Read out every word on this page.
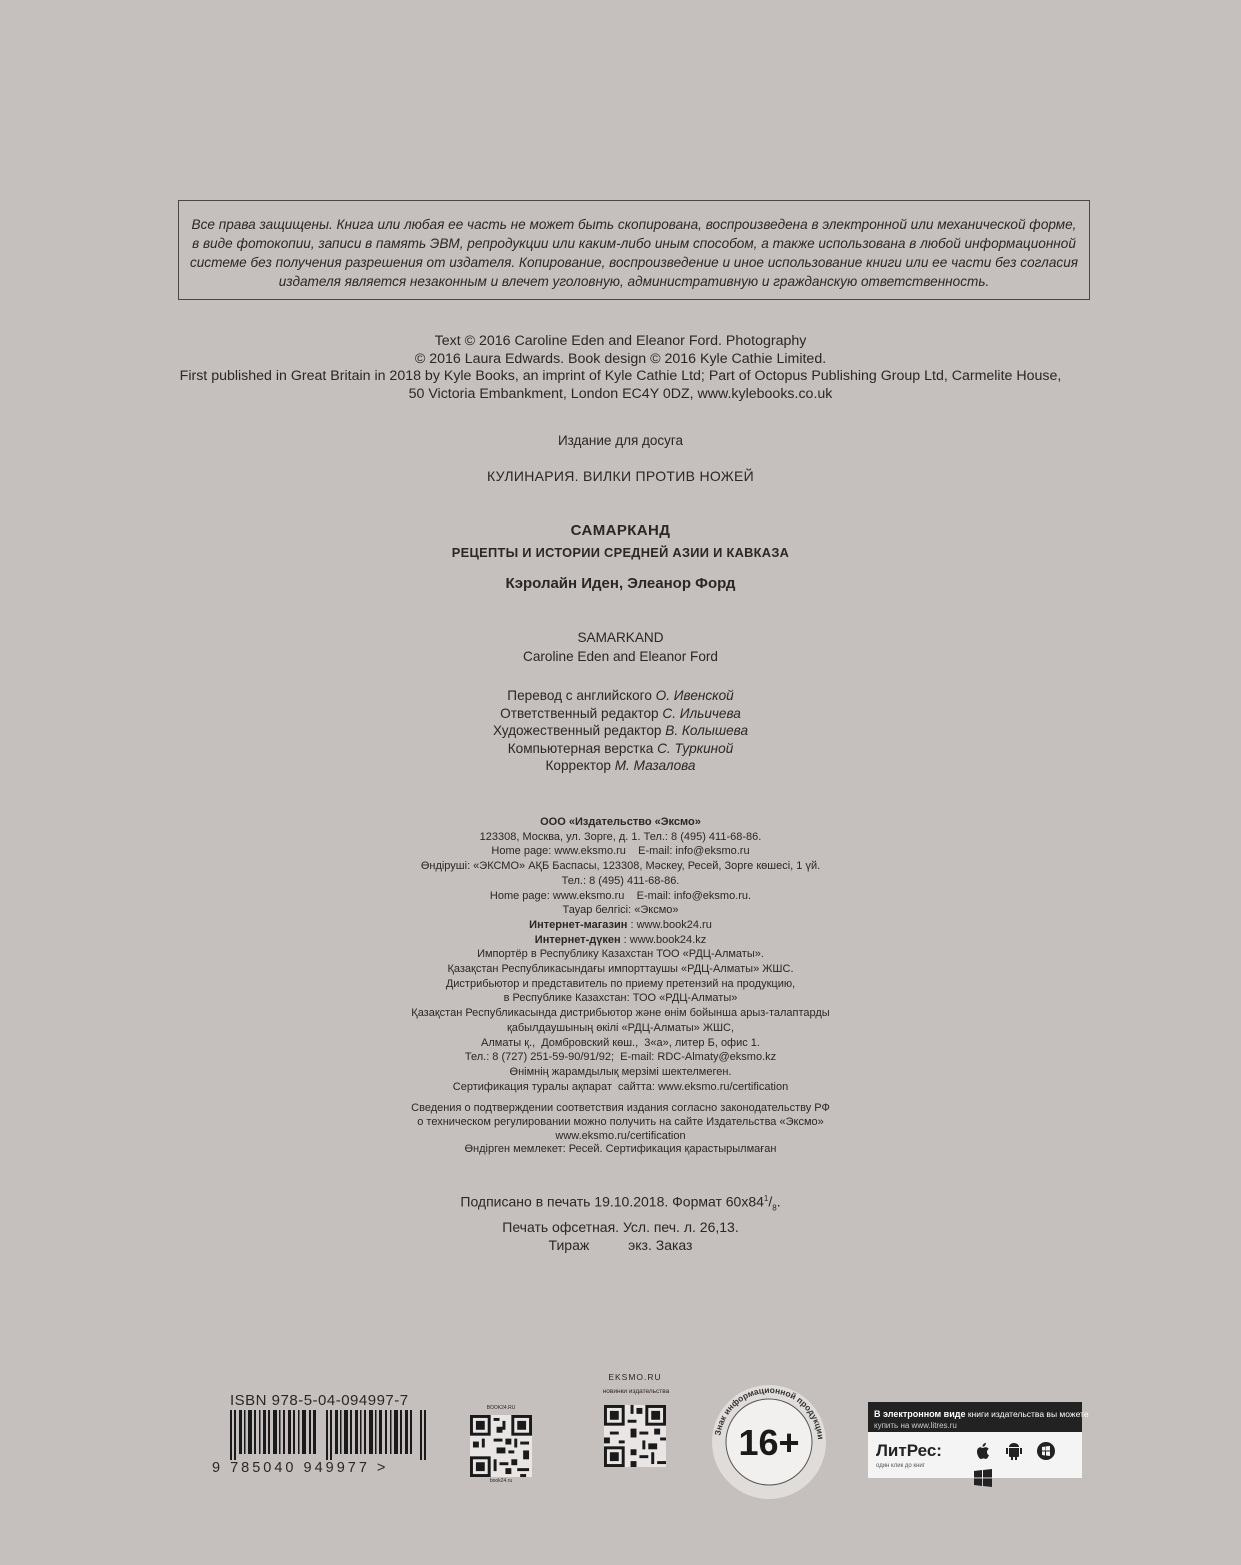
Все права защищены. Книга или любая ее часть не может быть скопирована, воспроизведена в электронной или механической форме,
в виде фотокопии, записи в память ЭВМ, репродукции или каким-либо иным способом, а также использована в любой информационной
системе без получения разрешения от издателя. Копирование, воспроизведение и иное использование книги или ее части без согласия
издателя является незаконным и влечет уголовную, административную и гражданскую ответственность.
Text © 2016 Caroline Eden and Eleanor Ford. Photography
© 2016 Laura Edwards. Book design © 2016 Kyle Cathie Limited.
First published in Great Britain in 2018 by Kyle Books, an imprint of Kyle Cathie Ltd; Part of Octopus Publishing Group Ltd, Carmelite House,
50 Victoria Embankment, London EC4Y 0DZ, www.kylebooks.co.uk
Издание для досуга
КУЛИНАРИЯ. ВИЛКИ ПРОТИВ НОЖЕЙ
САМАРКАНД
РЕЦЕПТЫ И ИСТОРИИ СРЕДНЕЙ АЗИИ И КАВКАЗА
Кэролайн Иден, Элеанор Форд
SAMARKAND
Caroline Eden and Eleanor Ford
Перевод с английского О. Ивенской
Ответственный редактор С. Ильичева
Художественный редактор В. Колышева
Компьютерная верстка С. Туркиной
Корректор М. Мазалова
ООО «Издательство «Эксмо»
123308, Москва, ул. Зорге, д. 1. Тел.: 8 (495) 411-68-86.
Home page: www.eksmo.ru    E-mail: info@eksmo.ru
Өндіруші: «ЭКСМО» АҚБ Баспасы, 123308, Мәскеу, Ресей, Зорге көшесі, 1 үй.
Тел.: 8 (495) 411-68-86.
Home page: www.eksmo.ru    E-mail: info@eksmo.ru.
Тауар белгісі: «Эксмо»
Интернет-магазин : www.book24.ru
Интернет-дүкен : www.book24.kz
Импортёр в Республику Казахстан ТОО «РДЦ-Алматы».
Қазақстан Республикасындағы импорттаушы «РДЦ-Алматы» ЖШС.
Дистрибьютор и представитель по приему претензий на продукцию,
в Республике Казахстан: ТОО «РДЦ-Алматы»
Қазақстан Республикасында дистрибьютор және өнім бойынша арыз-талаптарды
қабылдаушының өкілі «РДЦ-Алматы» ЖШС,
Алматы қ.,  Домбровский көш.,  3«а», литер Б, офис 1.
Тел.: 8 (727) 251-59-90/91/92;  E-mail: RDC-Almaty@eksmo.kz
Өнімнің жарамдылық мерзімі шектелмеген.
Сертификация туралы ақпарат  сайтта: www.eksmo.ru/certification
Сведения о подтверждении соответствия издания согласно законодательству РФ
о техническом регулировании можно получить на сайте Издательства «Эксмо»
www.eksmo.ru/certification
Өндірген мемлекет: Ресей. Сертификация қарастырылмаған
Подписано в печать 19.10.2018. Формат $60x84^1/_8$.
Печать офсетная. Усл. печ. л. 26,13.
Тираж          экз. Заказ
ISBN 978-5-04-094997-7
9 785040 949977 >
BOOK24.RU
book24.ru
EKSMO.RU
новинки издательства
Знак информационной продукции
16+
В электронном виде книги издательства вы можете
купить на www.litres.ru
ЛитРес:
один клик до книг
